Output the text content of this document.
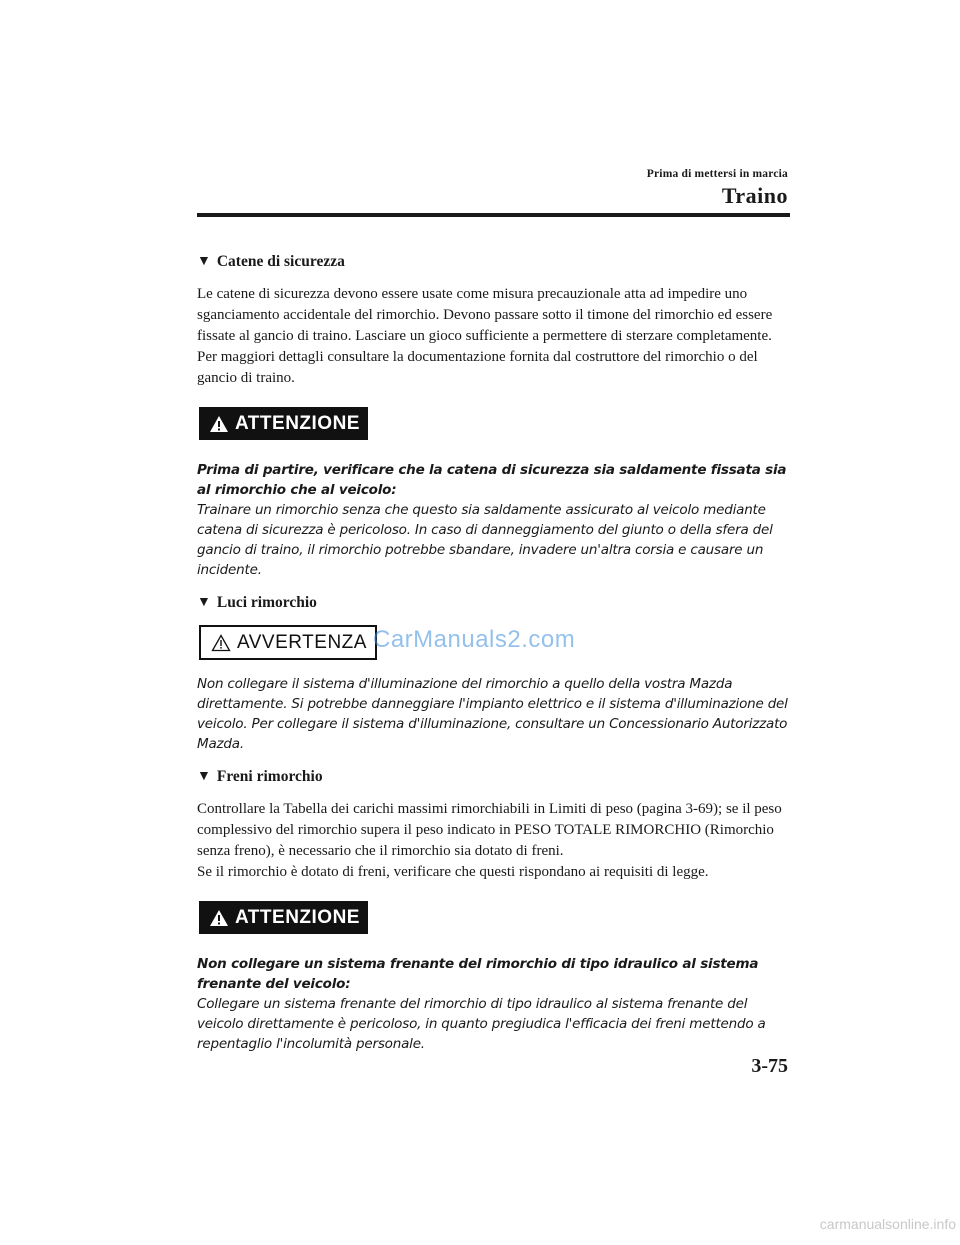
Prima di mettersi in marcia
Traino
▼ Catene di sicurezza

Le catene di sicurezza devono essere usate come misura precauzionale atta ad impedire uno sganciamento accidentale del rimorchio. Devono passare sotto il timone del rimorchio ed essere fissate al gancio di traino. Lasciare un gioco sufficiente a permettere di sterzare completamente. Per maggiori dettagli consultare la documentazione fornita dal costruttore del rimorchio o del gancio di traino.

ATTENZIONE
Prima di partire, verificare che la catena di sicurezza sia saldamente fissata sia al rimorchio che al veicolo:
Trainare un rimorchio senza che questo sia saldamente assicurato al veicolo mediante catena di sicurezza è pericoloso. In caso di danneggiamento del giunto o della sfera del gancio di traino, il rimorchio potrebbe sbandare, invadere un'altra corsia e causare un incidente.
▼ Luci rimorchio
AVVERTENZA
Non collegare il sistema d'illuminazione del rimorchio a quello della vostra Mazda direttamente. Si potrebbe danneggiare l'impianto elettrico e il sistema d'illuminazione del veicolo. Per collegare il sistema d'illuminazione, consultare un Concessionario Autorizzato Mazda.
▼ Freni rimorchio

Controllare la Tabella dei carichi massimi rimorchiabili in Limiti di peso (pagina 3-69); se il peso complessivo del rimorchio supera il peso indicato in PESO TOTALE RIMORCHIO (Rimorchio senza freno), è necessario che il rimorchio sia dotato di freni.

Se il rimorchio è dotato di freni, verificare che questi rispondano ai requisiti di legge.

ATTENZIONE
Non collegare un sistema frenante del rimorchio di tipo idraulico al sistema frenante del veicolo:
Collegare un sistema frenante del rimorchio di tipo idraulico al sistema frenante del veicolo direttamente è pericoloso, in quanto pregiudica l'efficacia dei freni mettendo a repentaglio l'incolumità personale.
CarManuals2.com
3-75
carmanualsonline.info
